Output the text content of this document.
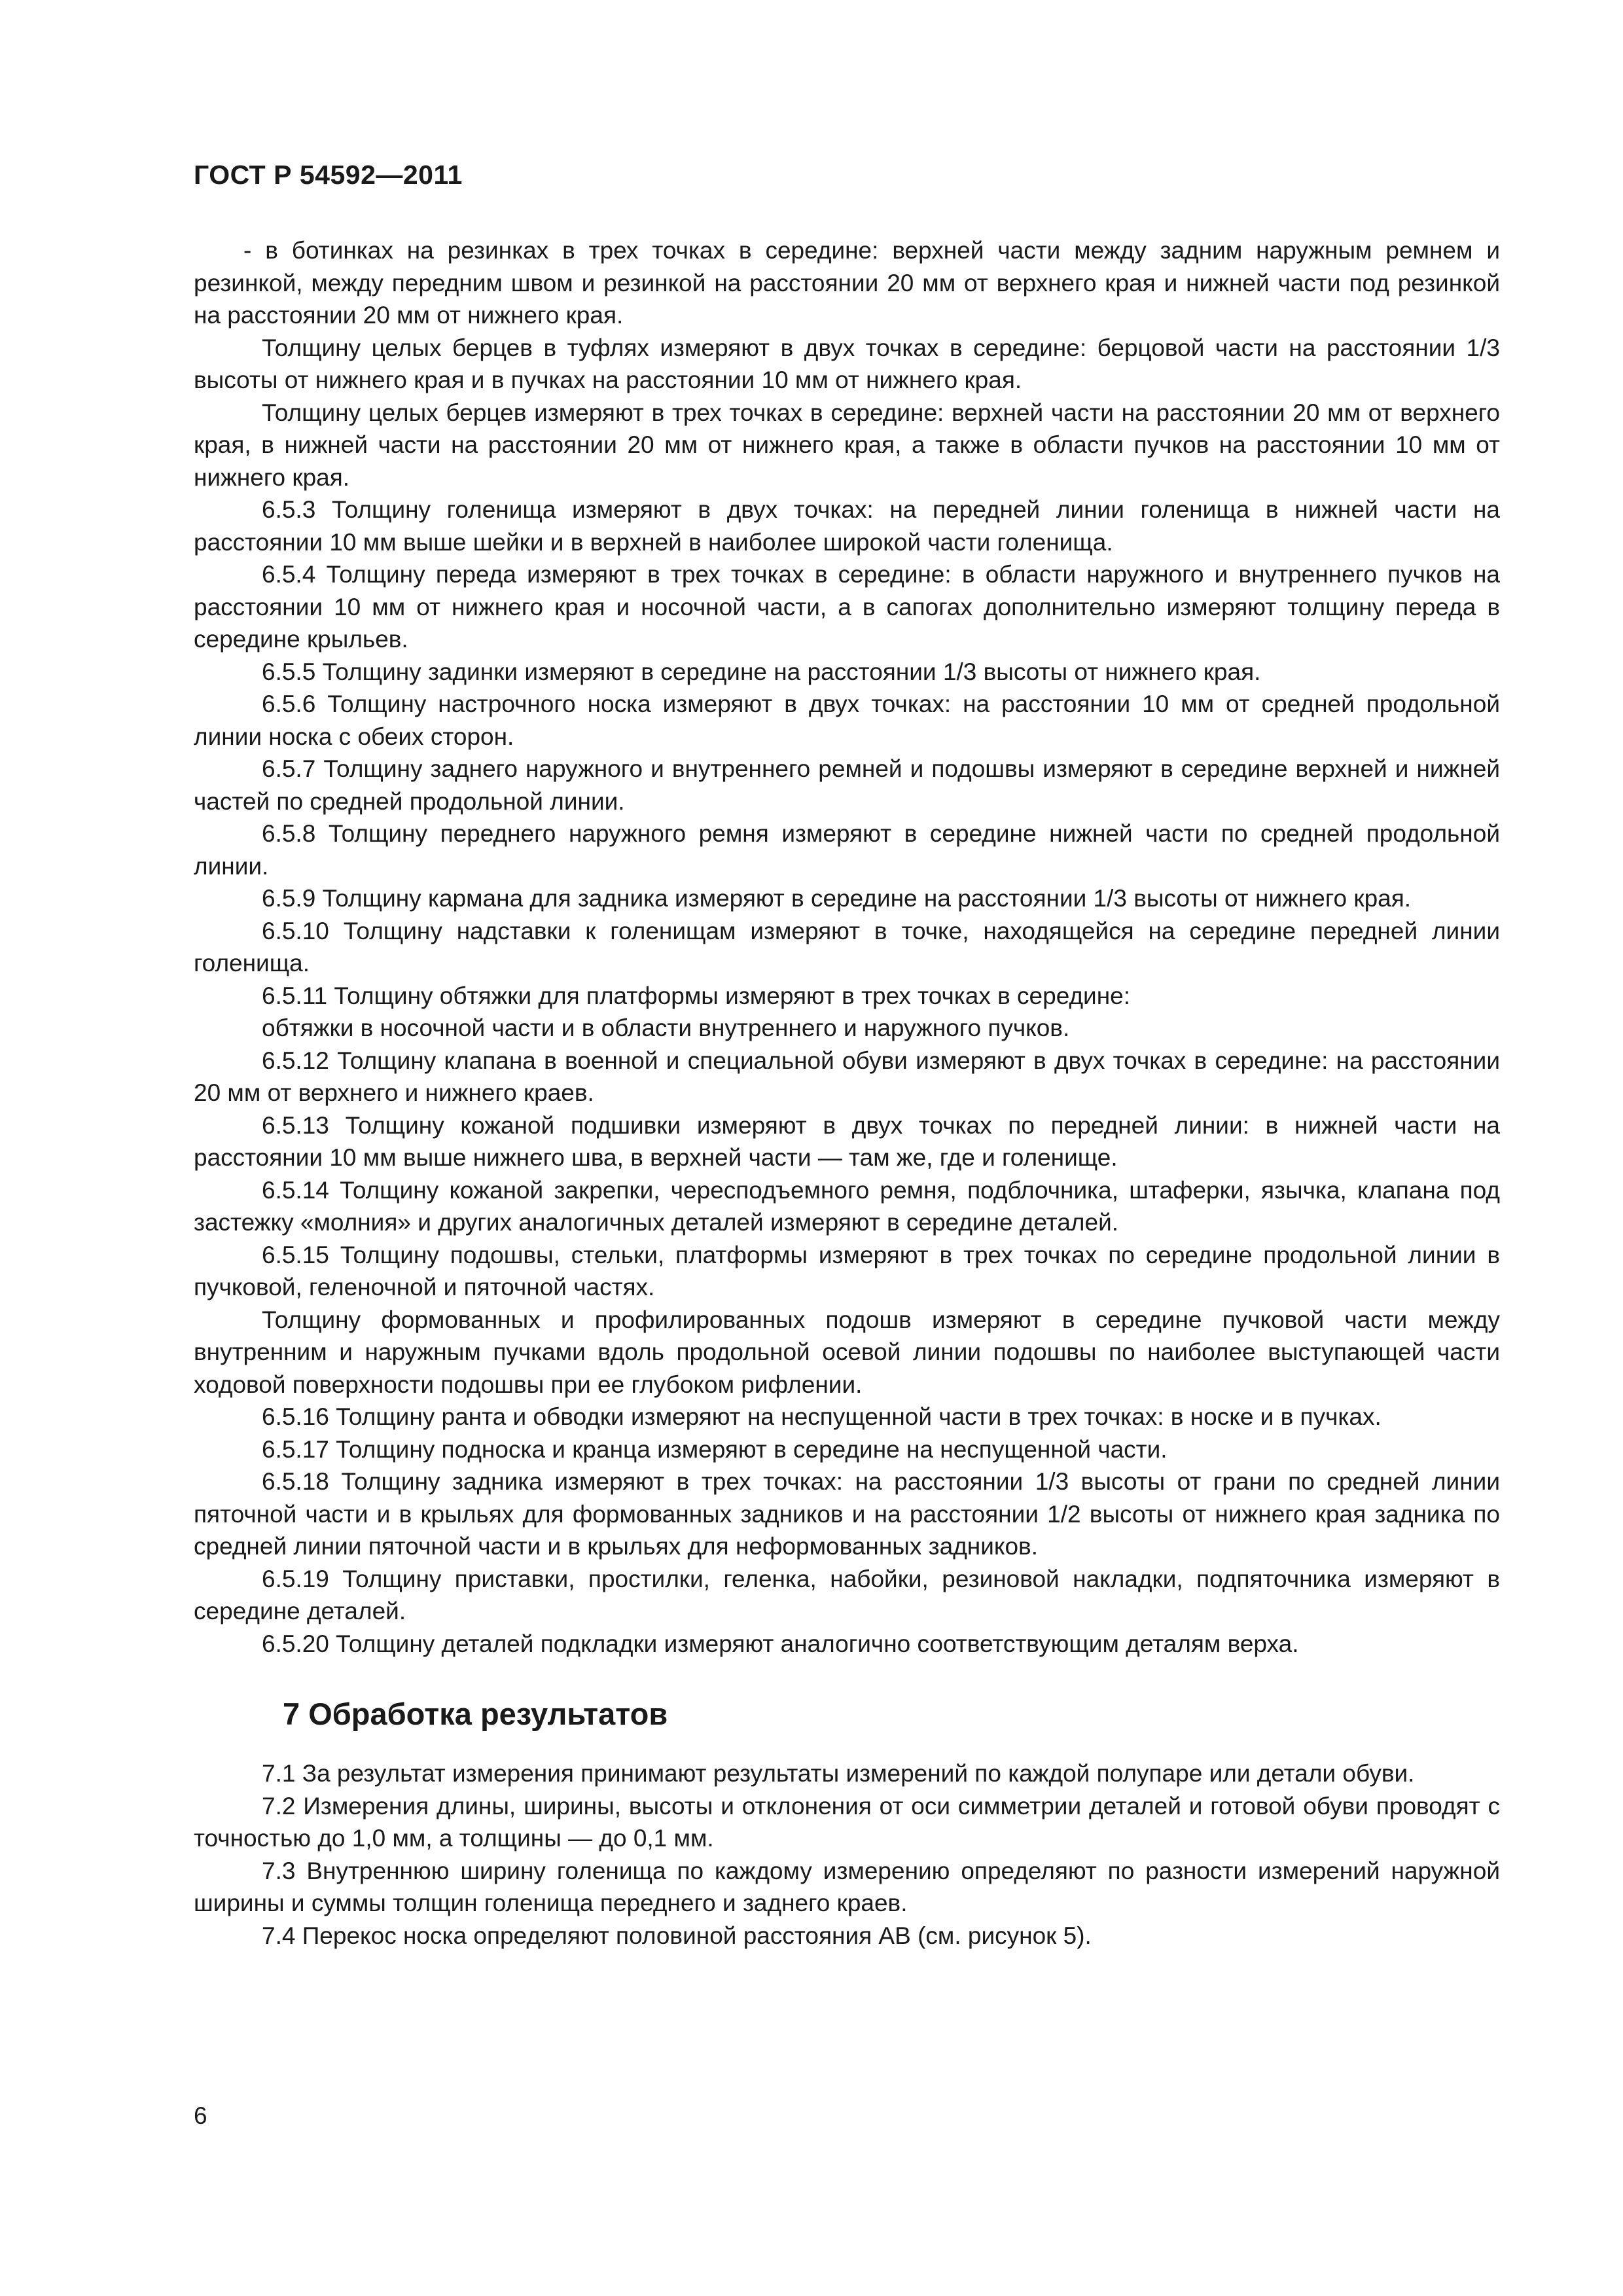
ГОСТ Р 54592—2011

- в ботинках на резинках в трех точках в середине: верхней части между задним наружным ремнем и резинкой, между передним швом и резинкой на расстоянии 20 мм от верхнего края и нижней части под резинкой на расстоянии 20 мм от нижнего края.

Толщину целых берцев в туфлях измеряют в двух точках в середине: берцовой части на расстоянии 1/3 высоты от нижнего края и в пучках на расстоянии 10 мм от нижнего края.

Толщину целых берцев измеряют в трех точках в середине: верхней части на расстоянии 20 мм от верхнего края, в нижней части на расстоянии 20 мм от нижнего края, а также в области пучков на расстоянии 10 мм от нижнего края.

6.5.3 Толщину голенища измеряют в двух точках: на передней линии голенища в нижней части на расстоянии 10 мм выше шейки и в верхней в наиболее широкой части голенища.

6.5.4 Толщину переда измеряют в трех точках в середине: в области наружного и внутреннего пучков на расстоянии 10 мм от нижнего края и носочной части, а в сапогах дополнительно измеряют толщину переда в середине крыльев.

6.5.5 Толщину задинки измеряют в середине на расстоянии 1/3 высоты от нижнего края.

6.5.6 Толщину настрочного носка измеряют в двух точках: на расстоянии 10 мм от средней продольной линии носка с обеих сторон.

6.5.7 Толщину заднего наружного и внутреннего ремней и подошвы измеряют в середине верхней и нижней частей по средней продольной линии.

6.5.8 Толщину переднего наружного ремня измеряют в середине нижней части по средней продольной линии.

6.5.9 Толщину кармана для задника измеряют в середине на расстоянии 1/3 высоты от нижнего края.

6.5.10 Толщину надставки к голенищам измеряют в точке, находящейся на середине передней линии голенища.

6.5.11 Толщину обтяжки для платформы измеряют в трех точках в середине:

обтяжки в носочной части и в области внутреннего и наружного пучков.

6.5.12 Толщину клапана в военной и специальной обуви измеряют в двух точках в середине: на расстоянии 20 мм от верхнего и нижнего краев.

6.5.13 Толщину кожаной подшивки измеряют в двух точках по передней линии: в нижней части на расстоянии 10 мм выше нижнего шва, в верхней части — там же, где и голенище.

6.5.14 Толщину кожаной закрепки, чересподъемного ремня, подблочника, штаферки, язычка, клапана под застежку «молния» и других аналогичных деталей измеряют в середине деталей.

6.5.15 Толщину подошвы, стельки, платформы измеряют в трех точках по середине продольной линии в пучковой, геленочной и пяточной частях.

Толщину формованных и профилированных подошв измеряют в середине пучковой части между внутренним и наружным пучками вдоль продольной осевой линии подошвы по наиболее выступающей части ходовой поверхности подошвы при ее глубоком рифлении.

6.5.16 Толщину ранта и обводки измеряют на неспущенной части в трех точках: в носке и в пучках.

6.5.17 Толщину подноска и кранца измеряют в середине на неспущенной части.

6.5.18 Толщину задника измеряют в трех точках: на расстоянии 1/3 высоты от грани по средней линии пяточной части и в крыльях для формованных задников и на расстоянии 1/2 высоты от нижнего края задника по средней линии пяточной части и в крыльях для неформованных задников.

6.5.19 Толщину приставки, простилки, геленка, набойки, резиновой накладки, подпяточника измеряют в середине деталей.

6.5.20 Толщину деталей подкладки измеряют аналогично соответствующим деталям верха.

7 Обработка результатов

7.1 За результат измерения принимают результаты измерений по каждой полупаре или детали обуви.

7.2 Измерения длины, ширины, высоты и отклонения от оси симметрии деталей и готовой обуви проводят с точностью до 1,0 мм, а толщины — до 0,1 мм.

7.3 Внутреннюю ширину голенища по каждому измерению определяют по разности измерений наружной ширины и суммы толщин голенища переднего и заднего краев.

7.4 Перекос носка определяют половиной расстояния АВ (см. рисунок 5).

6
